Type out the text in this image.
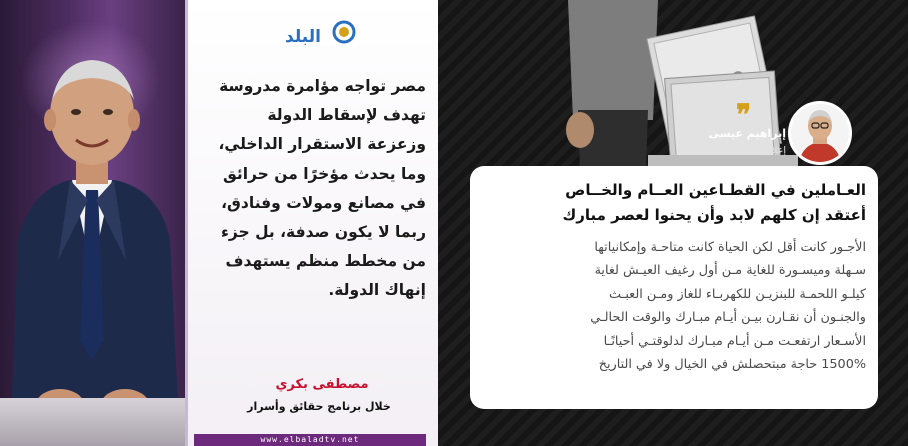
البلد
مصر تواجه مؤامرة مدروسة
تهدف لإسقاط الدولة
وزعزعة الاستقرار الداخلي،
وما يحدث مؤخرًا من حرائق
في مصانع ومولات وفنادق،
ربما لا يكون صدفة، بل جزء
من مخطط منظم يستهدف
إنهاك الدولة.
مصطفى بكري
خلال برنامج حقائق وأسرار
www.elbaladtv.net
❞
إبراهيم عيسى
إعلامي
العـاملين في القطـاعين العــام والخــاص
أعتقد إن كلهم لابد وأن يحنوا لعصر مبارك
الأجـور كانت أقل لكن الحياة كانت متاحـة وإمكانياتها
سـهلة وميسـورة للغاية مـن أول رغيف العيـش لغاية
كيلـو اللحمـة للبنزيـن للكهربـاء للغاز ومـن العبـث
والجنـون أن نقـارن بيـن أيـام مبـارك والوقت الحالـي
الأسـعار ارتفعـت مـن أيـام مبـارك لدلوقتـي أحيانًـا
1500% حاجة مبتحصلش في الخيال ولا في التاريخ
